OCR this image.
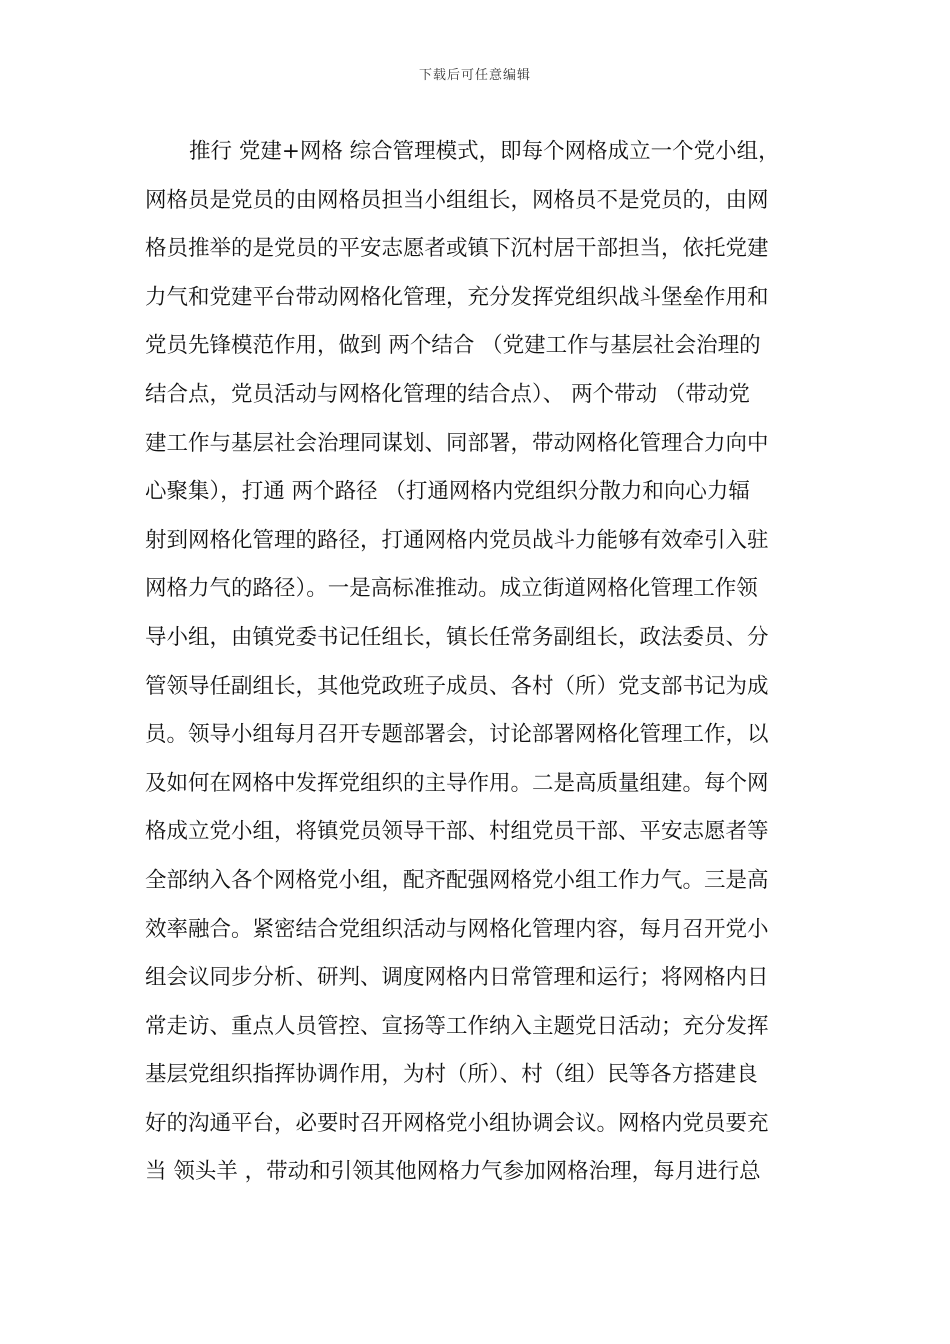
下载后可任意编辑
推行 党建+网格 综合管理模式，即每个网格成立一个党小组，
网格员是党员的由网格员担当小组组长，网格员不是党员的，由网
格员推举的是党员的平安志愿者或镇下沉村居干部担当，依托党建
力气和党建平台带动网格化管理，充分发挥党组织战斗堡垒作用和
党员先锋模范作用，做到 两个结合 （党建工作与基层社会治理的
结合点，党员活动与网格化管理的结合点）、 两个带动 （带动党
建工作与基层社会治理同谋划、同部署，带动网格化管理合力向中
心聚集），打通 两个路径 （打通网格内党组织分散力和向心力辐
射到网格化管理的路径，打通网格内党员战斗力能够有效牵引入驻
网格力气的路径）。一是高标准推动。成立街道网格化管理工作领
导小组，由镇党委书记任组长，镇长任常务副组长，政法委员、分
管领导任副组长，其他党政班子成员、各村（所）党支部书记为成
员。领导小组每月召开专题部署会，讨论部署网格化管理工作，以
及如何在网格中发挥党组织的主导作用。二是高质量组建。每个网
格成立党小组，将镇党员领导干部、村组党员干部、平安志愿者等
全部纳入各个网格党小组，配齐配强网格党小组工作力气。三是高
效率融合。紧密结合党组织活动与网格化管理内容，每月召开党小
组会议同步分析、研判、调度网格内日常管理和运行；将网格内日
常走访、重点人员管控、宣扬等工作纳入主题党日活动；充分发挥
基层党组织指挥协调作用，为村（所）、村（组）民等各方搭建良
好的沟通平台，必要时召开网格党小组协调会议。网格内党员要充
当 领头羊 ，带动和引领其他网格力气参加网格治理，每月进行总
